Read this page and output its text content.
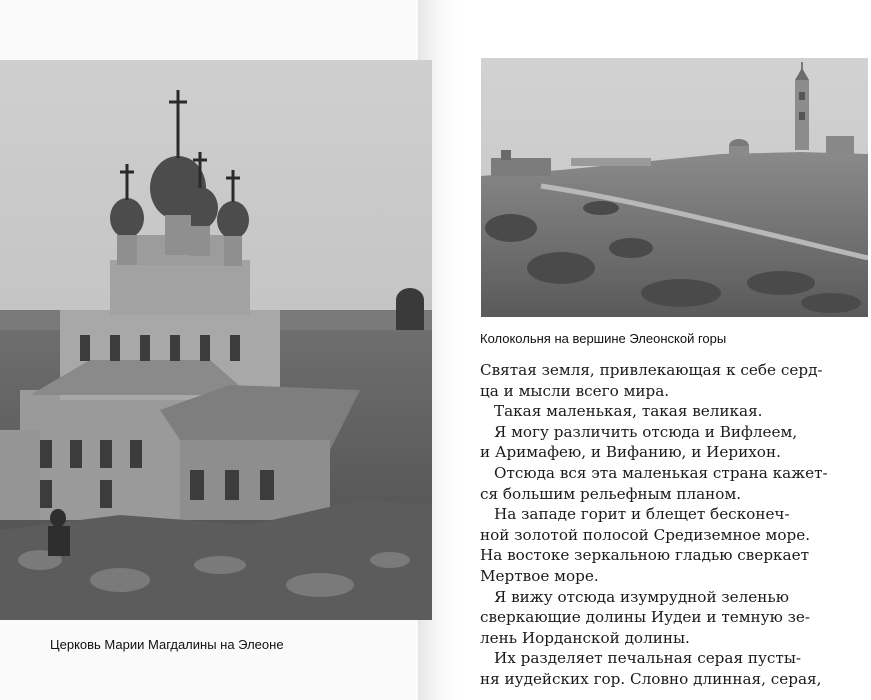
Церковь Марии Магдалины на Элеоне
Колокольня на вершине Элеонской горы
Святая земля, привлекающая к себе серд-
ца и мысли всего мира.
Такая маленькая, такая великая.
Я могу различить отсюда и Вифлеем,
и Аримафею, и Вифанию, и Иерихон.
Отсюда вся эта маленькая страна кажет-
ся большим рельефным планом.
На западе горит и блещет бесконеч-
ной золотой полосой Средиземное море.
На востоке зеркальною гладью сверкает
Мертвое море.
Я вижу отсюда изумрудной зеленью
сверкающие долины Иудеи и темную зе-
лень Иорданской долины.
Их разделяет печальная серая пусты-
ня иудейских гор. Словно длинная, серая,
